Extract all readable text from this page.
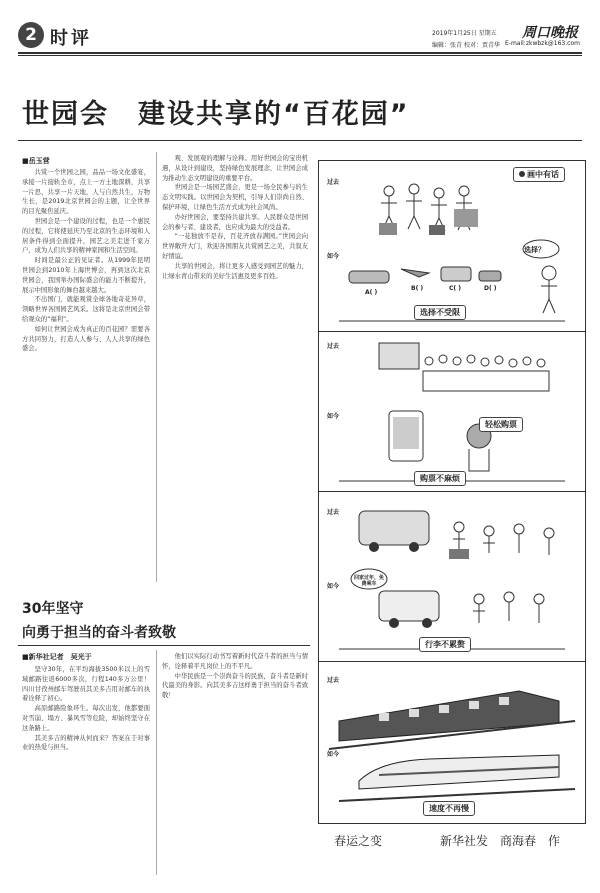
2 时评	2019年1月25日 星期五 周口晚报
编辑：张青 校对：贾青华 E-mail:zkwbzk@163.com
世园会　建设共享的“百花园”
■岳玉营

共赏一个世园之园，品品一场文化盛宴，承接一片接轨全市，点上一方土地深耕，共享一片思，共享一片天地，人与自然共生，万物生长，是2019北京世园会的主题，让全世界的目光聚焦延庆。

世园会是一个建设的过程，也是一个惠民的过程，它将使延庆乃至北京的生态环境和人居条件得到全面提升，园艺之美走进千家万户，成为人们共享的精神家园和生活空间。

时间是最公正的见证者。从1999年昆明世园会到2010年上海世博会，再到这次北京世园会，我国举办国际盛会的能力不断提升，展示中国形象的舞台越来越大。

不出国门，就能观赏全球各地奇花异草，领略世界各国园艺风采。这将是北京世园会带给观众的“福利”。

如何让世园会成为真正的百花园？需要各方共同努力，打造人人参与、人人共享的绿色盛会。

观、发展观的理解与诠释。用好世园会的宝贵机遇，从设计到建设，坚持绿色发展理念，让世园会成为推动生态文明建设的重要平台。

世园会是一场园艺盛会，更是一场全民参与的生态文明实践。以世园会为契机，引导人们崇尚自然、保护环境，让绿色生活方式成为社会风尚。

办好世园会，要坚持共建共享。人民群众是世园会的参与者、建设者，也应成为最大的受益者。

“一花独放不是春，百花齐放春满园。”世园会向世界敞开大门，欢迎各国朋友共赏园艺之美，共叙友好情谊。

共享的世园会，将让更多人感受到园艺的魅力，让绿水青山带来的美好生活惠及更多百姓。

30年坚守
向勇于担当的奋斗者致敬
■新华社记者　吴光于

坚守30年，在平均海拔3500米以上的雪域邮路往返6000多次，行程140多万公里！四川甘孜州邮车驾驶员其美多吉用对邮车的执着诠释了初心。

高原邮路险象环生。每次出发，他都要面对雪崩、塌方、暴风雪等危险，却始终坚守在这条路上。

其美多吉的精神从何而来？答案在于对事业的热爱与担当。

他们以实际行动书写着新时代奋斗者的担当与情怀，诠释着平凡岗位上的不平凡。

中华民族是一个崇尚奋斗的民族，奋斗者是新时代最美的身影。向其美多吉这样勇于担当的奋斗者致敬！

画中有话
过去
如今
选择？
A( )
B( )	C( )	D( )
选择不受限
过去
如今
轻松购票
购票不麻烦
过去
如今
回家过年，免费乘车
行李不累赘
过去
如今
速度不再慢
春运之变	新华社发　商海春　作
